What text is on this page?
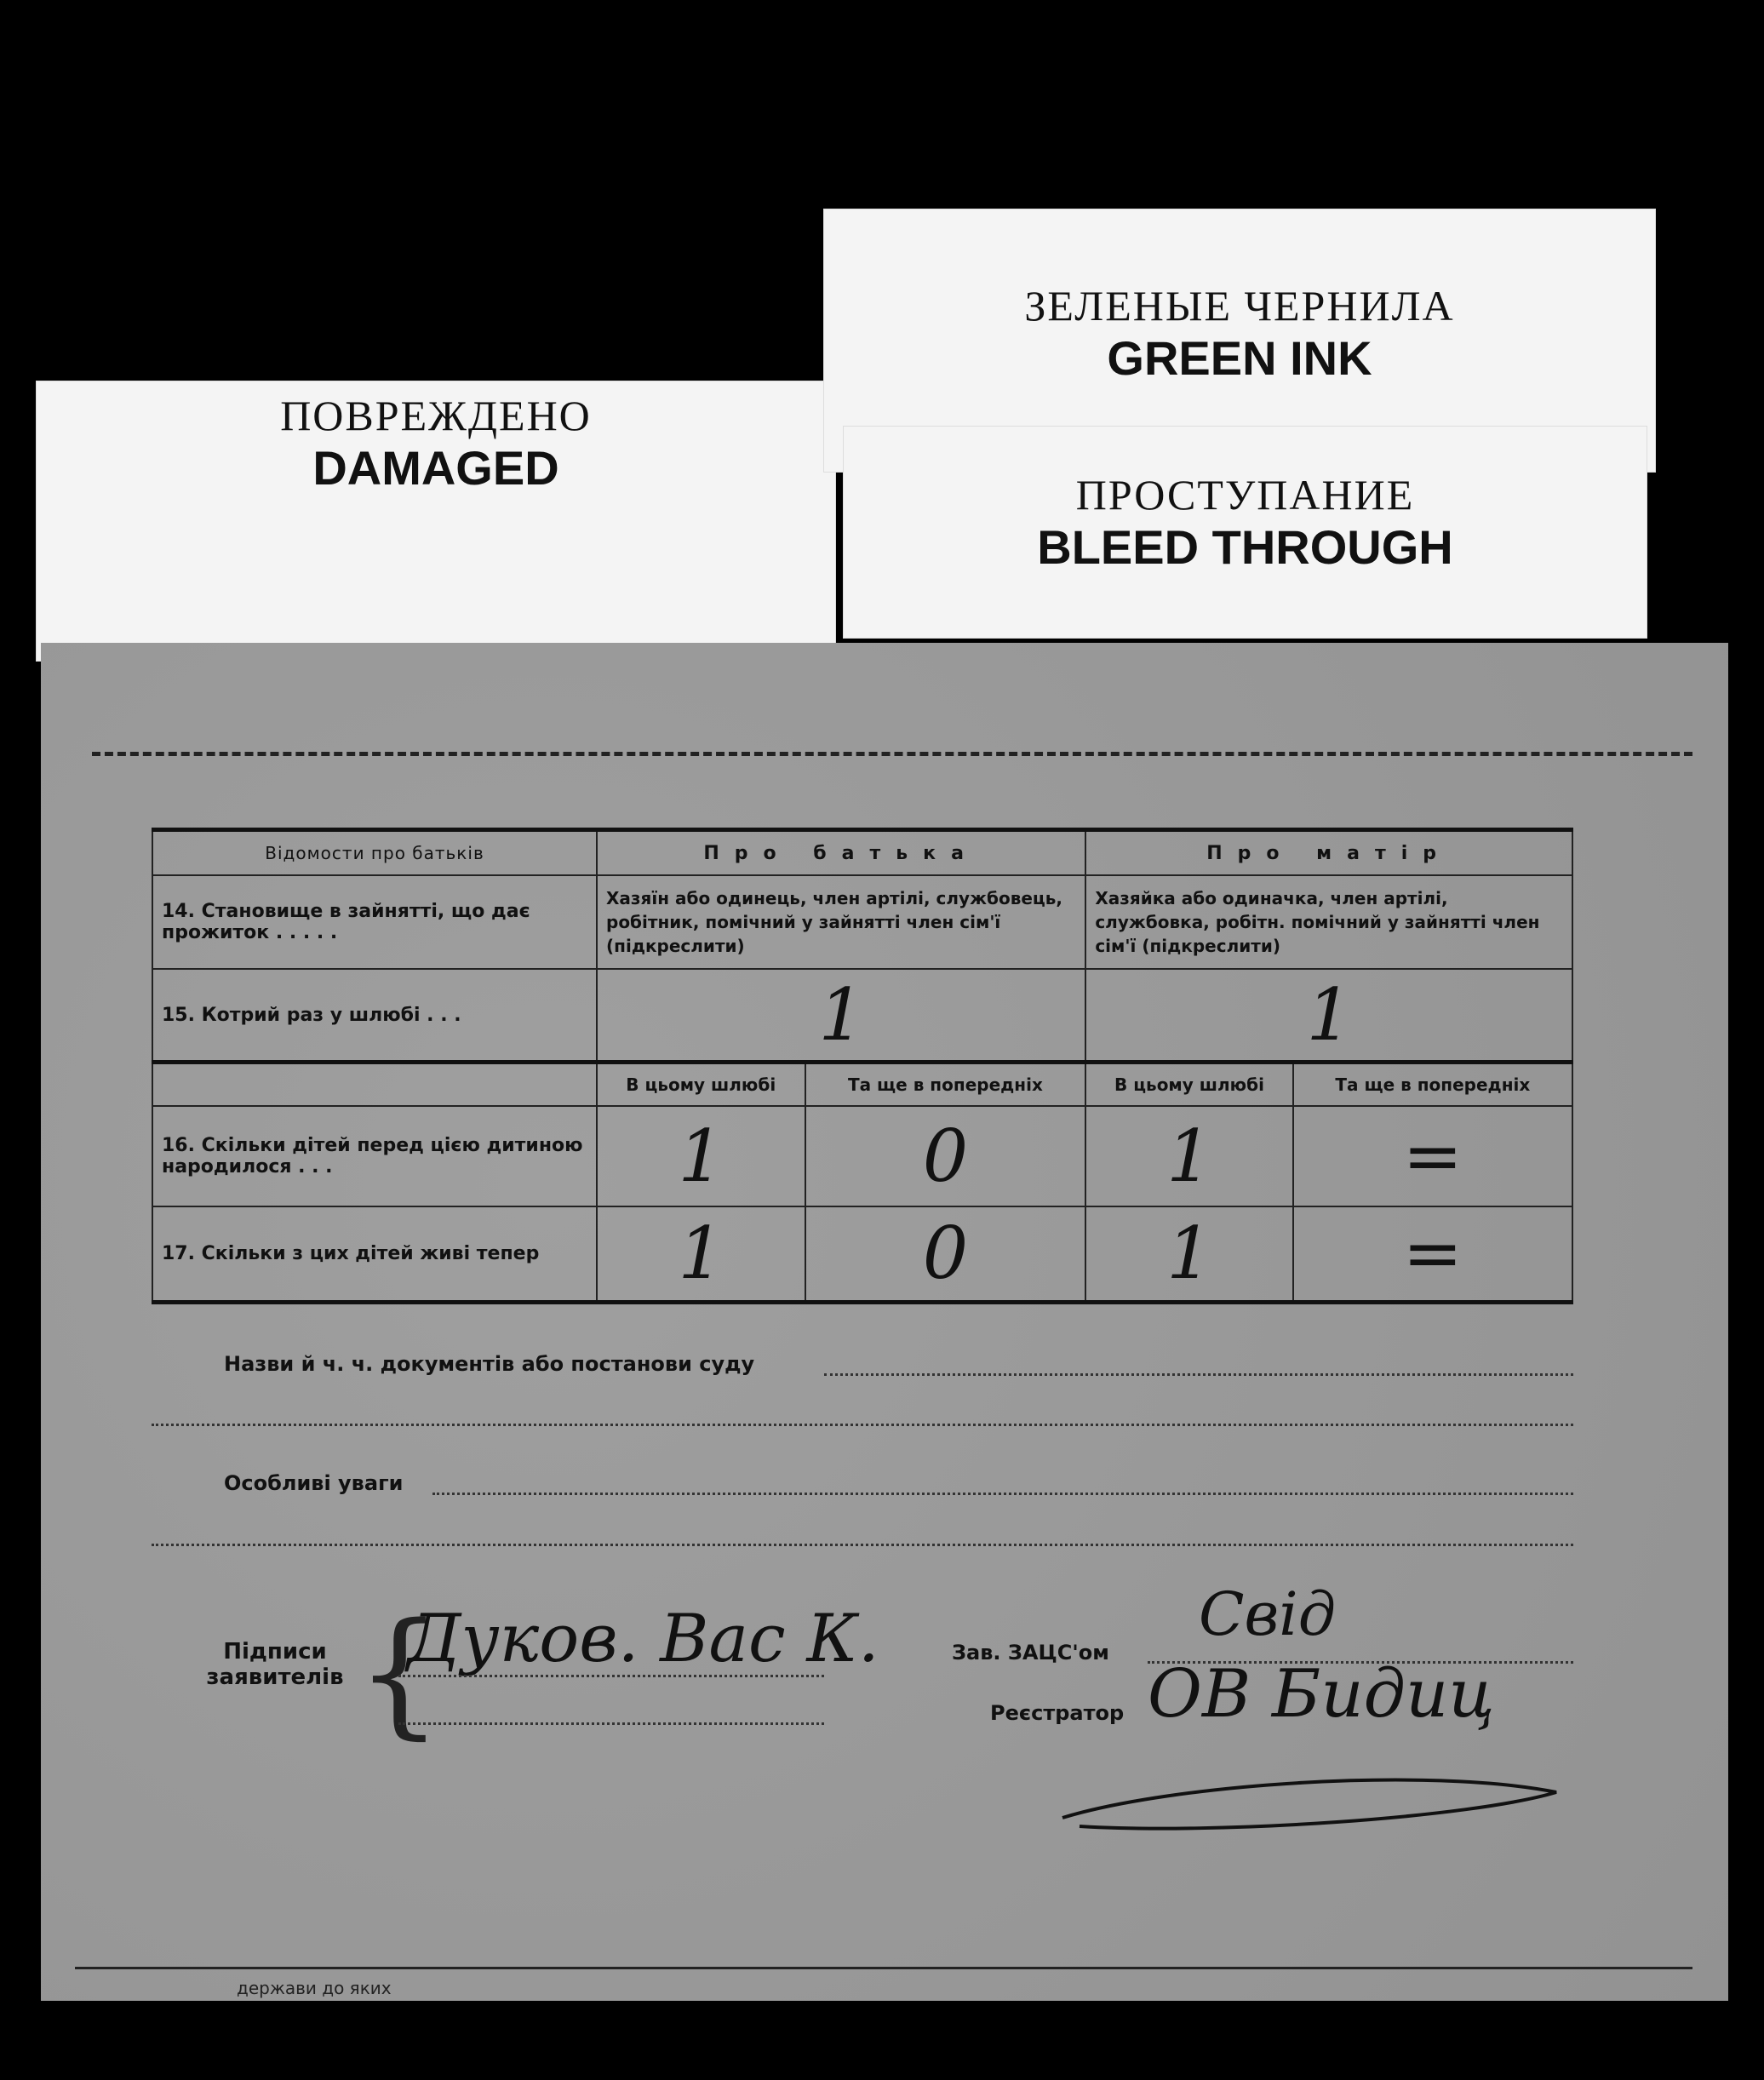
ПОВРЕЖДЕНО
DAMAGED
ЗЕЛЕНЫЕ ЧЕРНИЛА
GREEN INK
ПРОСТУПАНИЕ
BLEED THROUGH
Відомости про батьків	Про батька		Про матір	
14. Становище в зайнятті, що дає прожиток . . . . .	Хазяїн або одинець, член артілі, службовець, робітник, помічний у зайнятті член сім'ї (підкреслити)		Хазяйка або одиначка, член артілі, службовка, робітн. помічний у зайнятті член сім'ї (підкреслити)	
15. Котрий раз у шлюбі . . .	1		1	
	В цьому шлюбі	Та ще в попередніх	В цьому шлюбі	Та ще в попередніх
16. Скільки дітей перед цією дитиною народилося . . .	1	0	1	=
17. Скільки з цих дітей живі тепер	1	0	1	=
Назви й ч. ч. документів або постанови суду
Особливі уваги
Підписи заявителів {
Дуков. Вас К.	Зав. ЗАЦС'ом
Свід
Реєстратор ОВ Бидиц
держави до яких
